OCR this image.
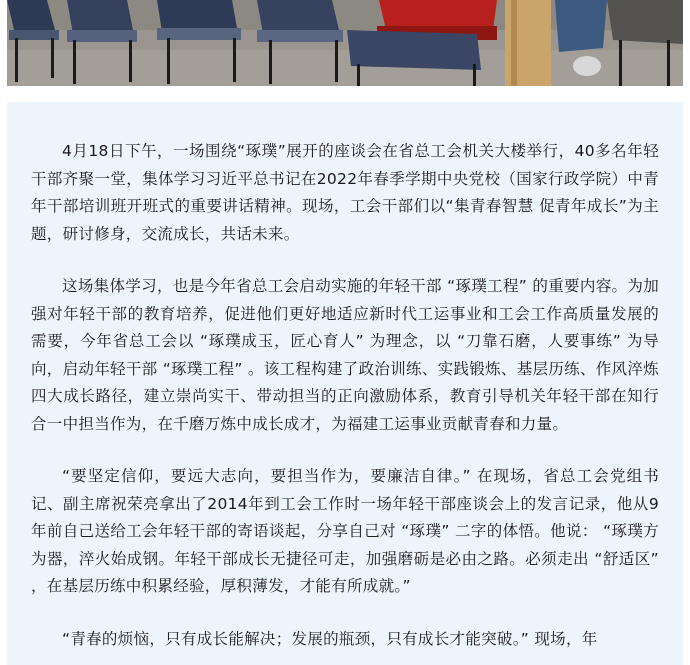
4月18日下午，一场围绕“琢璞”展开的座谈会在省总工会机关大楼举行，40多名年轻干部齐聚一堂，集体学习习近平总书记在2022年春季学期中央党校（国家行政学院）中青年干部培训班开班式的重要讲话精神。现场，工会干部们以“集青春智慧 促青年成长”为主题，研讨修身，交流成长，共话未来。

这场集体学习，也是今年省总工会启动实施的年轻干部 “琢璞工程” 的重要内容。为加强对年轻干部的教育培养，促进他们更好地适应新时代工运事业和工会工作高质量发展的需要，今年省总工会以 “琢璞成玉，匠心育人” 为理念，以 “刀靠石磨，人要事练” 为导向，启动年轻干部 “琢璞工程” 。该工程构建了政治训练、实践锻炼、基层历练、作风淬炼四大成长路径，建立崇尚实干、带动担当的正向激励体系，教育引导机关年轻干部在知行合一中担当作为，在千磨万炼中成长成才，为福建工运事业贡献青春和力量。

“要坚定信仰，要远大志向，要担当作为，要廉洁自律。” 在现场，省总工会党组书记、副主席祝荣亮拿出了2014年到工会工作时一场年轻干部座谈会上的发言记录，他从9年前自己送给工会年轻干部的寄语谈起，分享自己对 “琢璞” 二字的体悟。他说： “琢璞方为器，淬火始成钢。年轻干部成长无捷径可走，加强磨砺是必由之路。必须走出 “舒适区” ，在基层历练中积累经验，厚积薄发，才能有所成就。”

“青春的烦恼，只有成长能解决；发展的瓶颈，只有成长才能突破。” 现场，年
